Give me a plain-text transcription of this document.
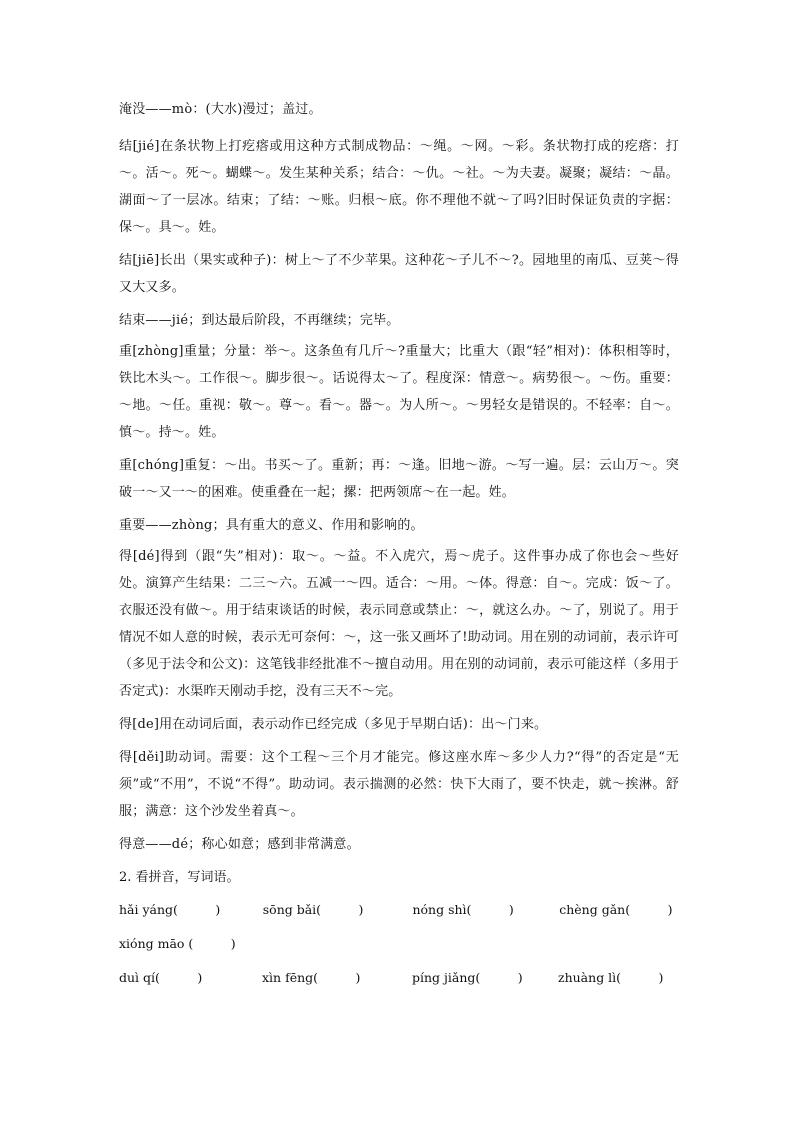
淹没——mò：(大水)漫过；盖过。

结[jié]在条状物上打疙瘩或用这种方式制成物品：～绳。～网。～彩。条状物打成的疙瘩：打～。活～。死～。蝴蝶～。发生某种关系；结合：～仇。～社。～为夫妻。凝聚；凝结：～晶。湖面～了一层冰。结束；了结：～账。归根～底。你不理他不就～了吗?旧时保证负责的字据：保～。具～。姓。

结[jiē]长出（果实或种子)：树上～了不少苹果。这种花～子儿不～?。园地里的南瓜、豆荚～得又大又多。

结束——jié；到达最后阶段，不再继续；完毕。

重[zhòng]重量；分量：举～。这条鱼有几斤～?重量大；比重大（跟“轻”相对)：体积相等时，铁比木头～。工作很～。脚步很～。话说得太～了。程度深：情意～。病势很～。～伤。重要：～地。～任。重视：敬～。尊～。看～。器～。为人所～。～男轻女是错误的。不轻率：自～。慎～。持～。姓。

重[chóng]重复：～出。书买～了。重新；再：～逢。旧地～游。～写一遍。层：云山万～。突破一～又一～的困难。使重叠在一起；摞：把两领席～在一起。姓。

重要——zhòng；具有重大的意义、作用和影响的。

得[dé]得到（跟“失”相对)：取～。～益。不入虎穴，焉～虎子。这件事办成了你也会～些好处。演算产生结果：二三～六。五减一～四。适合：～用。～体。得意：自～。完成：饭～了。衣服还没有做～。用于结束谈话的时候，表示同意或禁止：～，就这么办。～了，别说了。用于情况不如人意的时候，表示无可奈何：～，这一张又画坏了!助动词。用在别的动词前，表示许可（多见于法令和公文)：这笔钱非经批准不～擅自动用。用在别的动词前，表示可能这样（多用于否定式)：水渠昨天刚动手挖，没有三天不～完。

得[de]用在动词后面，表示动作已经完成（多见于早期白话)：出～门来。

得[děi]助动词。需要：这个工程～三个月才能完。修这座水库～多少人力?“得”的否定是“无须”或“不用”，不说“不得”。助动词。表示揣测的必然：快下大雨了，要不快走，就～挨淋。舒服；满意：这个沙发坐着真～。

得意——dé；称心如意；感到非常满意。

2. 看拼音，写词语。

hǎi yáng(　　　)	sōng bǎi(　　　)	nóng shì(　　　)	chèng gǎn(　　　)
xióng māo (　　　)
duì qí(　　　)	xìn fēng(　　　)	píng jiǎng(　　　)	zhuàng lì(　　　)
